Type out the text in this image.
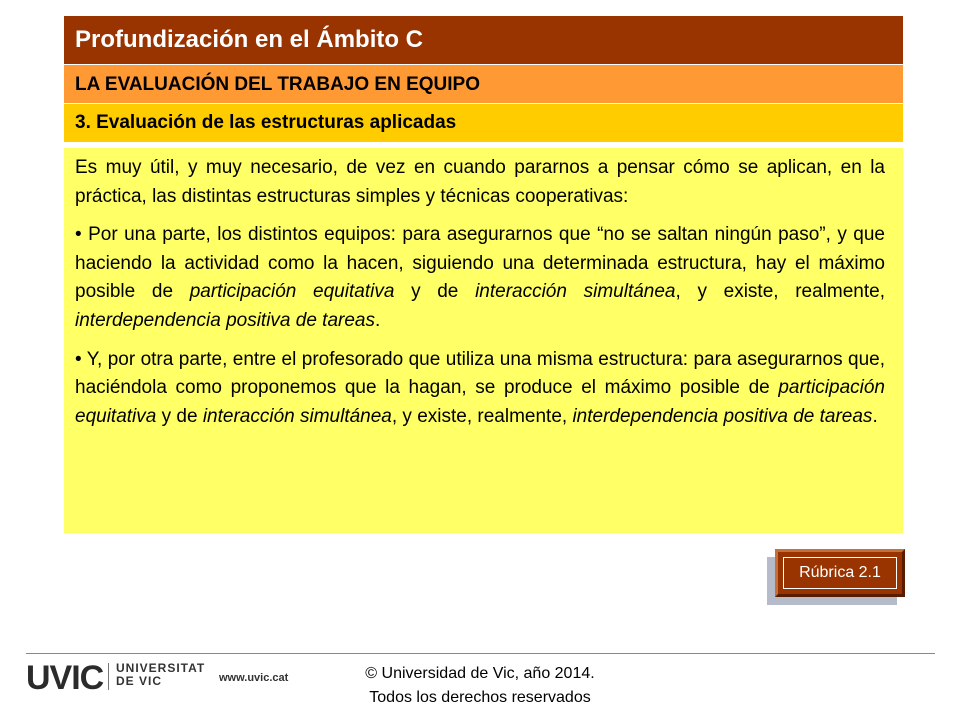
Profundización en el Ámbito C
LA EVALUACIÓN DEL TRABAJO EN EQUIPO
3. Evaluación de las estructuras aplicadas

Es muy útil, y muy necesario, de vez en cuando pararnos a pensar cómo se aplican, en la práctica, las distintas estructuras simples y técnicas cooperativas:

• Por una parte, los distintos equipos: para asegurarnos que “no se saltan ningún paso”, y que haciendo la actividad como la hacen, siguiendo una determinada estructura, hay el máximo posible de participación equitativa y de interacción simultánea, y existe, realmente, interdependencia positiva de tareas.

• Y, por otra parte, entre el profesorado que utiliza una misma estructura: para asegurarnos que, haciéndola como proponemos que la hagan, se produce el máximo posible de participación equitativa y de interacción simultánea, y existe, realmente, interdependencia positiva de tareas.

Rúbrica 2.1
UVIC UNIVERSITAT
DE VIC	www.uvic.cat	© Universidad de Vic, año 2014.
Todos los derechos reservados
